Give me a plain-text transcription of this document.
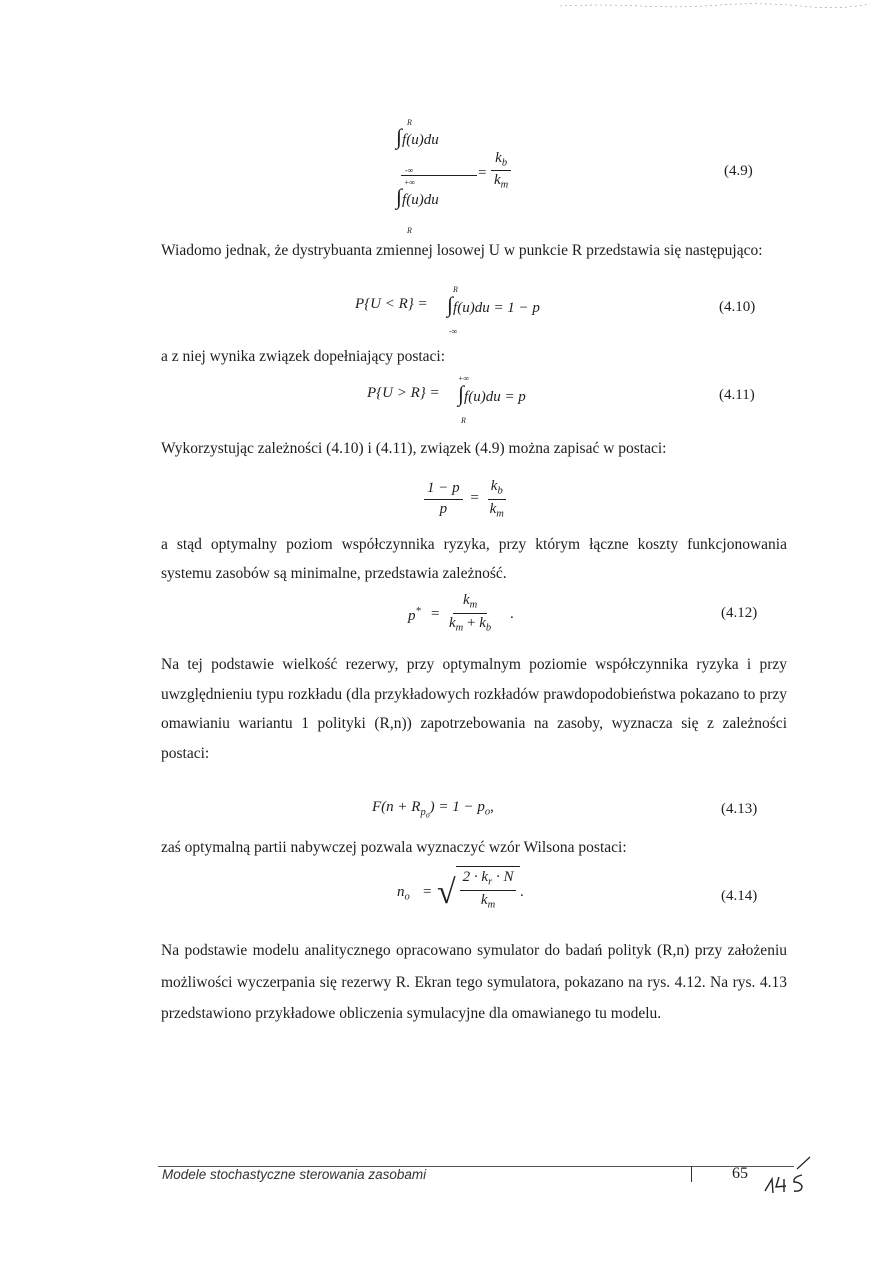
R
∫f(u)du
-∞
+∞
∫f(u)du
R
= $\frac{k_b}{k_m}$	(4.9)
Wiadomo jednak, że dystrybuanta zmiennej losowej U w punkcie R przedstawia się następująco:
P{U < R} =
R
∫f(u)du = 1 − p
-∞
(4.10)
a z niej wynika związek dopełniający postaci:
P{U > R} =
+∞
∫f(u)du = p
R
(4.11)
Wykorzystując zależności (4.10) i (4.11), związek (4.9) można zapisać w postaci:
$\frac{1 - p}{p} = \frac{k_b}{k_m}$
a stąd optymalny poziom współczynnika ryzyka, przy którym łączne koszty funkcjonowania systemu zasobów są minimalne, przedstawia zależność.
$p^* = \frac{k_m}{k_m + k_b}$ .	(4.12)
Na tej podstawie wielkość rezerwy, przy optymalnym poziomie współczynnika ryzyka i przy uwzględnieniu typu rozkładu (dla przykładowych rozkładów prawdopodobieństwa pokazano to przy omawianiu wariantu 1 polityki (R,n)) zapotrzebowania na zasoby, wyznacza się z zależności postaci:
$F(n + R_{p_o}) = 1 - p_o$,	(4.13)
zaś optymalną partii nabywczej pozwala wyznaczyć wzór Wilsona postaci:
$n_o$ = √ $\frac{2 \cdot k_r \cdot N}{k_m}$ .	(4.14)
Na podstawie modelu analitycznego opracowano symulator do badań polityk (R,n) przy założeniu możliwości wyczerpania się rezerwy R. Ekran tego symulatora, pokazano na rys. 4.12. Na rys. 4.13 przedstawiono przykładowe obliczenia symulacyjne dla omawianego tu modelu.
Modele stochastyczne sterowania zasobami	65
